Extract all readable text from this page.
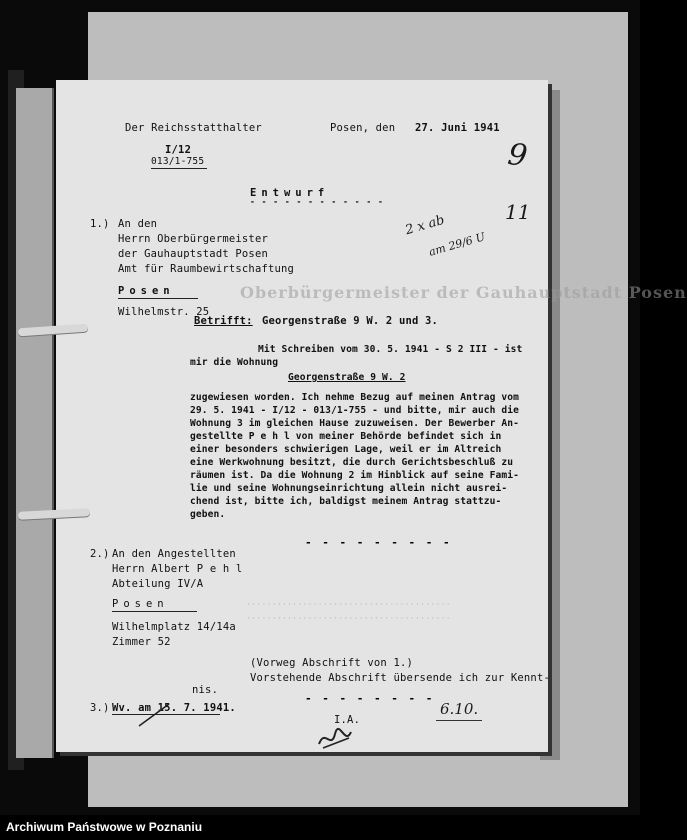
Oberbürgermeister der Gauhauptstadt Posen
········································
········································
Der Reichsstatthalter	Posen, den 27. Juni 1941
I/12
013/1-755
Entwurf
- - - - - - - - - - - -
1.) An den
Herrn Oberbürgermeister
der Gauhauptstadt Posen
Amt für Raumbewirtschaftung
Posen
Wilhelmstr. 25
Betrifft: Georgenstraße 9 W. 2 und 3.
Mit Schreiben vom 30. 5. 1941 - S 2 III - ist
mir die Wohnung
Georgenstraße 9 W. 2
zugewiesen worden. Ich nehme Bezug auf meinen Antrag vom
29. 5. 1941 - I/12 - 013/1-755 - und bitte, mir auch die
Wohnung 3 im gleichen Hause zuzuweisen. Der Bewerber An-
gestellte P e h l von meiner Behörde befindet sich in
einer besonders schwierigen Lage, weil er im Altreich
eine Werkwohnung besitzt, die durch Gerichtsbeschluß zu
räumen ist. Da die Wohnung 2 im Hinblick auf seine Fami-
lie und seine Wohnungseinrichtung allein nicht ausrei-
chend ist, bitte ich, baldigst meinem Antrag stattzu-
geben.
- - - - - - - - -
2.) An den Angestellten
Herrn Albert P e h l
Abteilung IV/A
Posen
Wilhelmplatz 14/14a
Zimmer 52
(Vorweg Abschrift von 1.)
Vorstehende Abschrift übersende ich zur Kennt-
nis.
- - - - - - - -
3.) Wv. am 15. 7. 1941.
I.A.
9
2 x ab
am 29/6 U
11
6.10.
Archiwum Państwowe w Poznaniu
